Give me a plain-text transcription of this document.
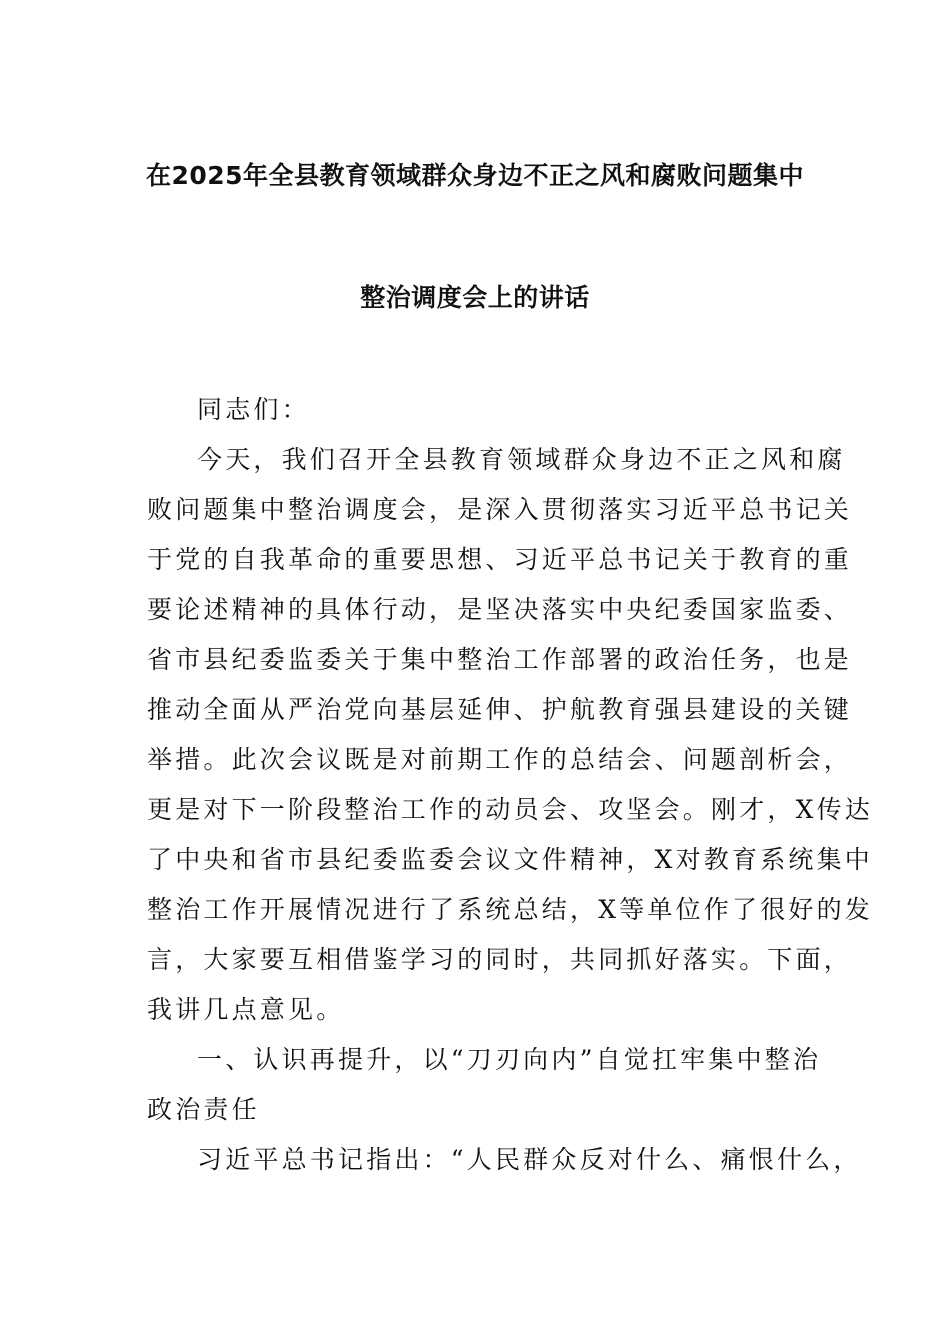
在2025年全县教育领域群众身边不正之风和腐败问题集中
整治调度会上的讲话
同志们：
今天，我们召开全县教育领域群众身边不正之风和腐
败问题集中整治调度会，是深入贯彻落实习近平总书记关
于党的自我革命的重要思想、习近平总书记关于教育的重
要论述精神的具体行动，是坚决落实中央纪委国家监委、
省市县纪委监委关于集中整治工作部署的政治任务，也是
推动全面从严治党向基层延伸、护航教育强县建设的关键
举措。此次会议既是对前期工作的总结会、问题剖析会，
更是对下一阶段整治工作的动员会、攻坚会。刚才，X传达
了中央和省市县纪委监委会议文件精神，X对教育系统集中
整治工作开展情况进行了系统总结，X等单位作了很好的发
言，大家要互相借鉴学习的同时，共同抓好落实。下面，
我讲几点意见。
一、认识再提升，以“刀刃向内”自觉扛牢集中整治
政治责任
习近平总书记指出：“人民群众反对什么、痛恨什么，
